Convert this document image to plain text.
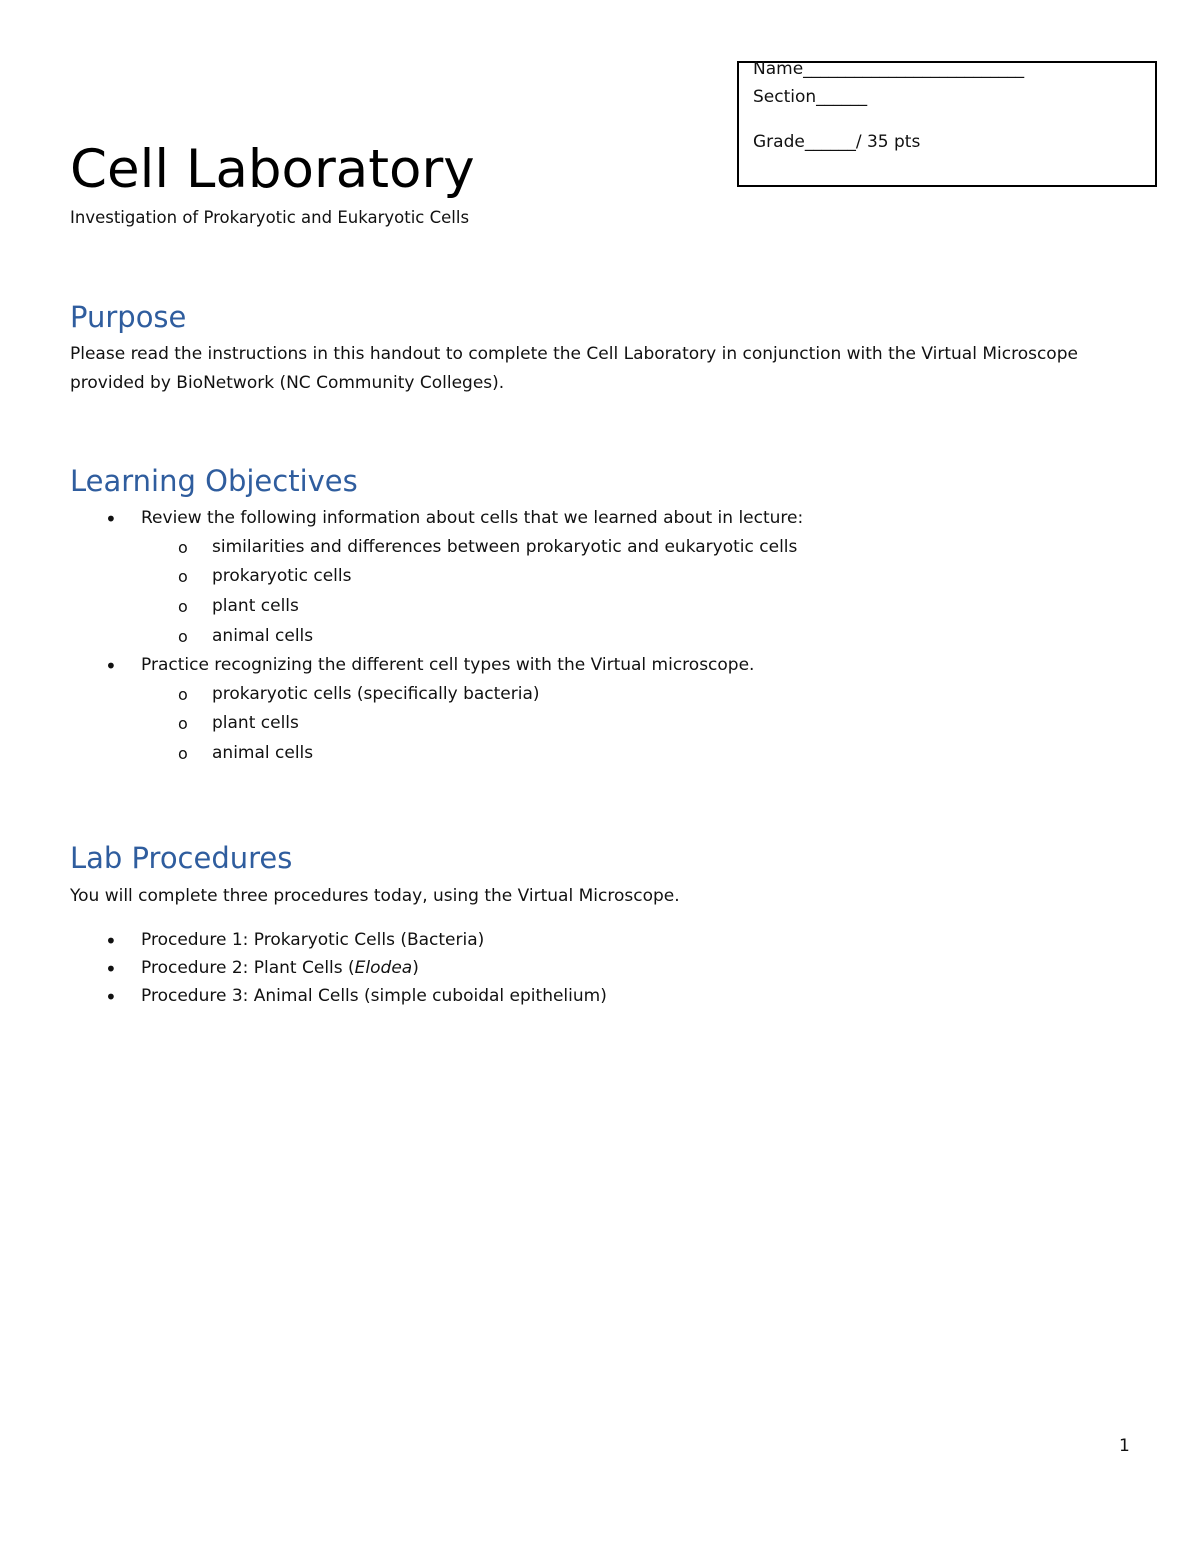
Name__________________________
Section______
Grade______/ 35 pts
Cell Laboratory

Investigation of Prokaryotic and Eukaryotic Cells

Purpose

Please read the instructions in this handout to complete the Cell Laboratory in conjunction with the Virtual Microscope provided by BioNetwork (NC Community Colleges).

Learning Objectives
• Review the following information about cells that we learned about in lecture:
o similarities and differences between prokaryotic and eukaryotic cells
o prokaryotic cells
o plant cells
o animal cells
• Practice recognizing the different cell types with the Virtual microscope.
o prokaryotic cells (specifically bacteria)
o plant cells
o animal cells
Lab Procedures

You will complete three procedures today, using the Virtual Microscope.

• Procedure 1: Prokaryotic Cells (Bacteria)
• Procedure 2: Plant Cells (Elodea)
• Procedure 3: Animal Cells (simple cuboidal epithelium)
1
